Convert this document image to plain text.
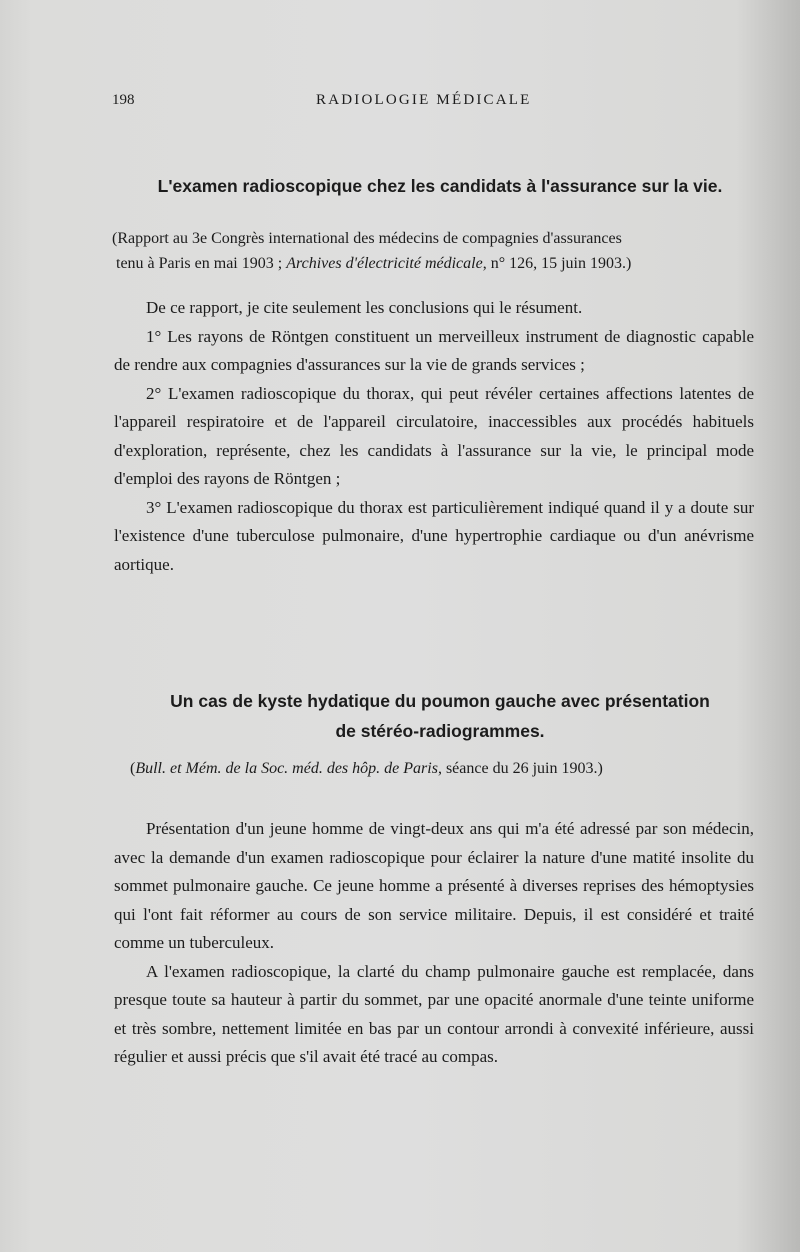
198	RADIOLOGIE MÉDICALE
L'examen radioscopique chez les candidats à l'assurance sur la vie.

(Rapport au 3e Congrès international des médecins de compagnies d'assurances
tenu à Paris en mai 1903 ; Archives d'électricité médicale, n° 126, 15 juin 1903.)

De ce rapport, je cite seulement les conclusions qui le résument.

1° Les rayons de Röntgen constituent un merveilleux instrument de diagnostic capable de rendre aux compagnies d'assurances sur la vie de grands services ;

2° L'examen radioscopique du thorax, qui peut révéler certaines affections latentes de l'appareil respiratoire et de l'appareil circulatoire, inaccessibles aux procédés habituels d'exploration, représente, chez les candidats à l'assurance sur la vie, le principal mode d'emploi des rayons de Röntgen ;

3° L'examen radioscopique du thorax est particulièrement indiqué quand il y a doute sur l'existence d'une tuberculose pulmonaire, d'une hypertrophie cardiaque ou d'un anévrisme aortique.

Un cas de kyste hydatique du poumon gauche avec présentation
de stéréo-radiogrammes.

(Bull. et Mém. de la Soc. méd. des hôp. de Paris, séance du 26 juin 1903.)

Présentation d'un jeune homme de vingt-deux ans qui m'a été adressé par son médecin, avec la demande d'un examen radioscopique pour éclairer la nature d'une matité insolite du sommet pulmonaire gauche. Ce jeune homme a présenté à diverses reprises des hémoptysies qui l'ont fait réformer au cours de son service militaire. Depuis, il est considéré et traité comme un tuberculeux.

A l'examen radioscopique, la clarté du champ pulmonaire gauche est remplacée, dans presque toute sa hauteur à partir du sommet, par une opacité anormale d'une teinte uniforme et très sombre, nettement limitée en bas par un contour arrondi à convexité inférieure, aussi régulier et aussi précis que s'il avait été tracé au compas.
